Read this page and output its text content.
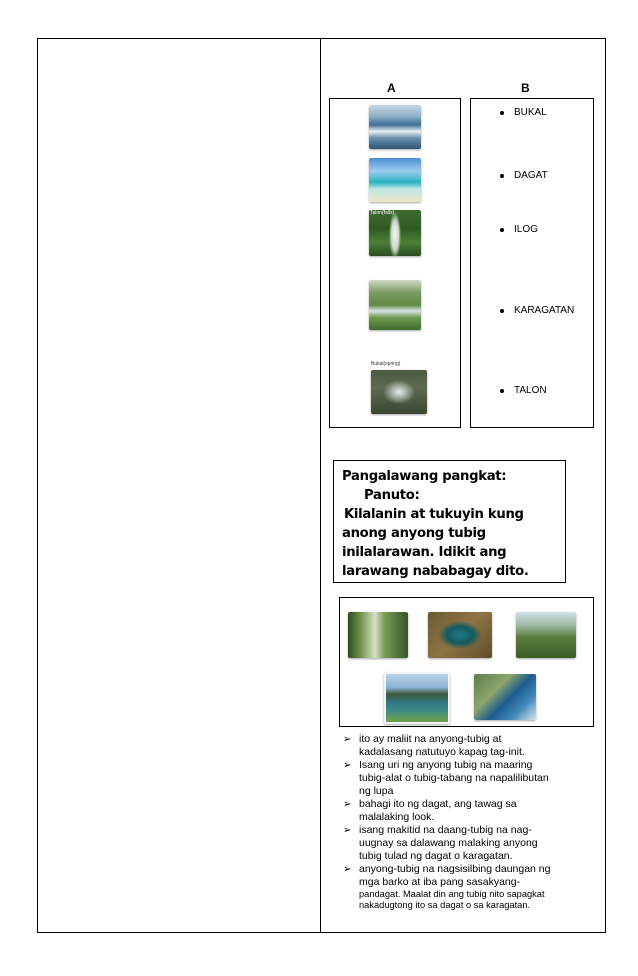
A	B
Talon(falls)
Bukal(spring)
BUKAL
DAGAT
ILOG
KARAGATAN
TALON
Pangalawang pangkat:
Panuto:
Kilalanin at tukuyin kung
anong anyong tubig
inilalarawan. Idikit ang
larawang nababagay dito.
➢ ito ay maliit na anyong-tubig at
kadalasang natutuyo kapag tag-init.
➢ Isang uri ng anyong tubig na maaring
tubig-alat o tubig-tabang na napalilibutan
ng lupa
➢ bahagi ito ng dagat, ang tawag sa
malalaking look.
➢ isang makitid na daang-tubig na nag-
uugnay sa dalawang malaking anyong
tubig tulad ng dagat o karagatan.
➢ anyong-tubig na nagsisilbing daungan ng
mga barko at iba pang sasakyang-
pandagat. Maalat din ang tubig nito sapagkat
nakadugtong ito sa dagat o sa karagatan.
